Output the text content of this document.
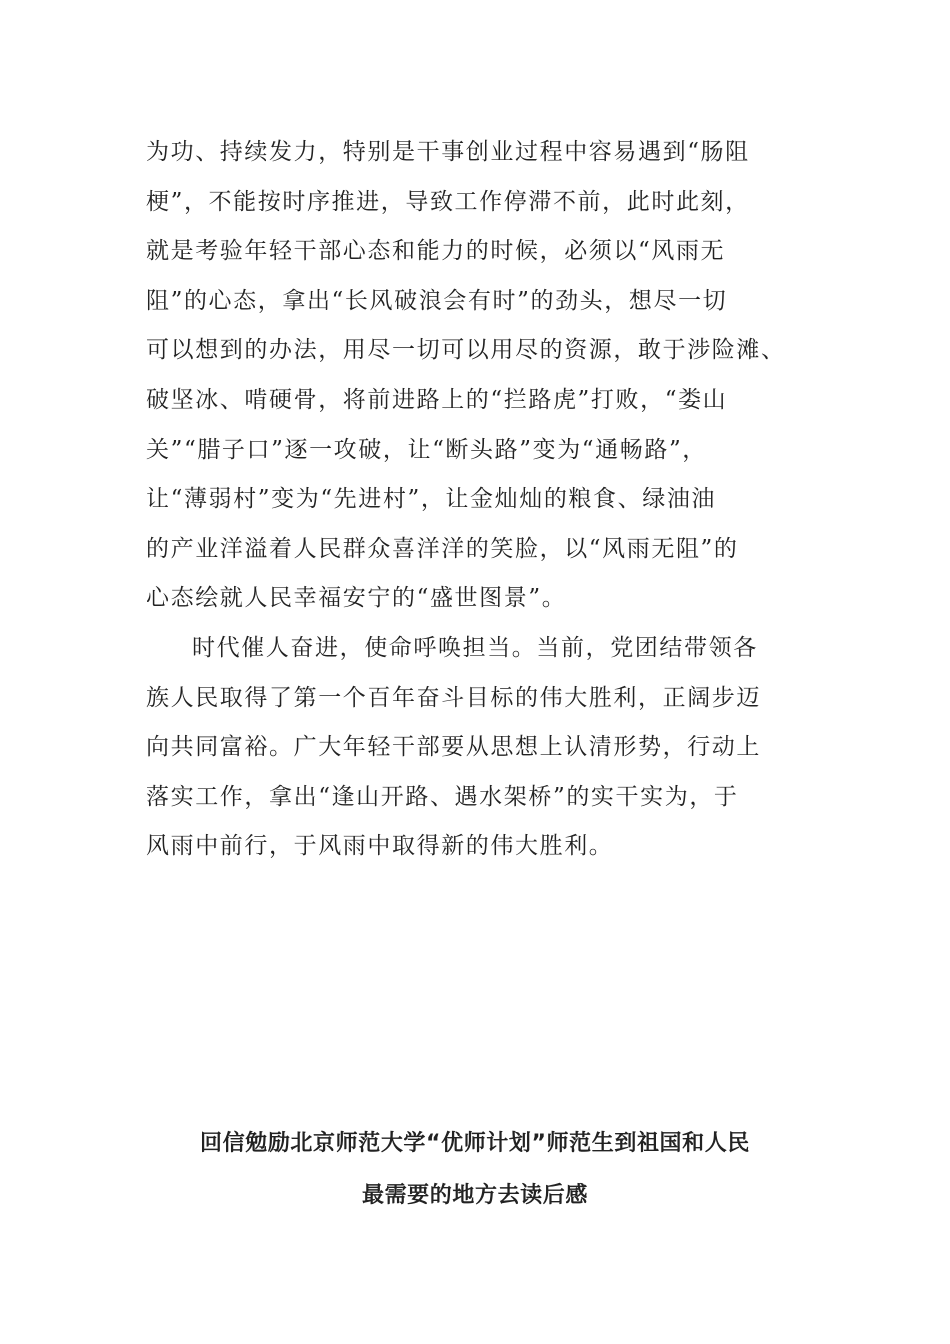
为功、持续发力，特别是干事创业过程中容易遇到“肠阻
梗”，不能按时序推进，导致工作停滞不前，此时此刻，
就是考验年轻干部心态和能力的时候，必须以“风雨无
阻”的心态，拿出“长风破浪会有时”的劲头，想尽一切
可以想到的办法，用尽一切可以用尽的资源，敢于涉险滩、
破坚冰、啃硬骨，将前进路上的“拦路虎”打败，“娄山
关”“腊子口”逐一攻破，让“断头路”变为“通畅路”，
让“薄弱村”变为“先进村”，让金灿灿的粮食、绿油油
的产业洋溢着人民群众喜洋洋的笑脸，以“风雨无阻”的
心态绘就人民幸福安宁的“盛世图景”。
时代催人奋进，使命呼唤担当。当前，党团结带领各
族人民取得了第一个百年奋斗目标的伟大胜利，正阔步迈
向共同富裕。广大年轻干部要从思想上认清形势，行动上
落实工作，拿出“逢山开路、遇水架桥”的实干实为，于
风雨中前行，于风雨中取得新的伟大胜利。
回信勉励北京师范大学“优师计划”师范生到祖国和人民
最需要的地方去读后感
